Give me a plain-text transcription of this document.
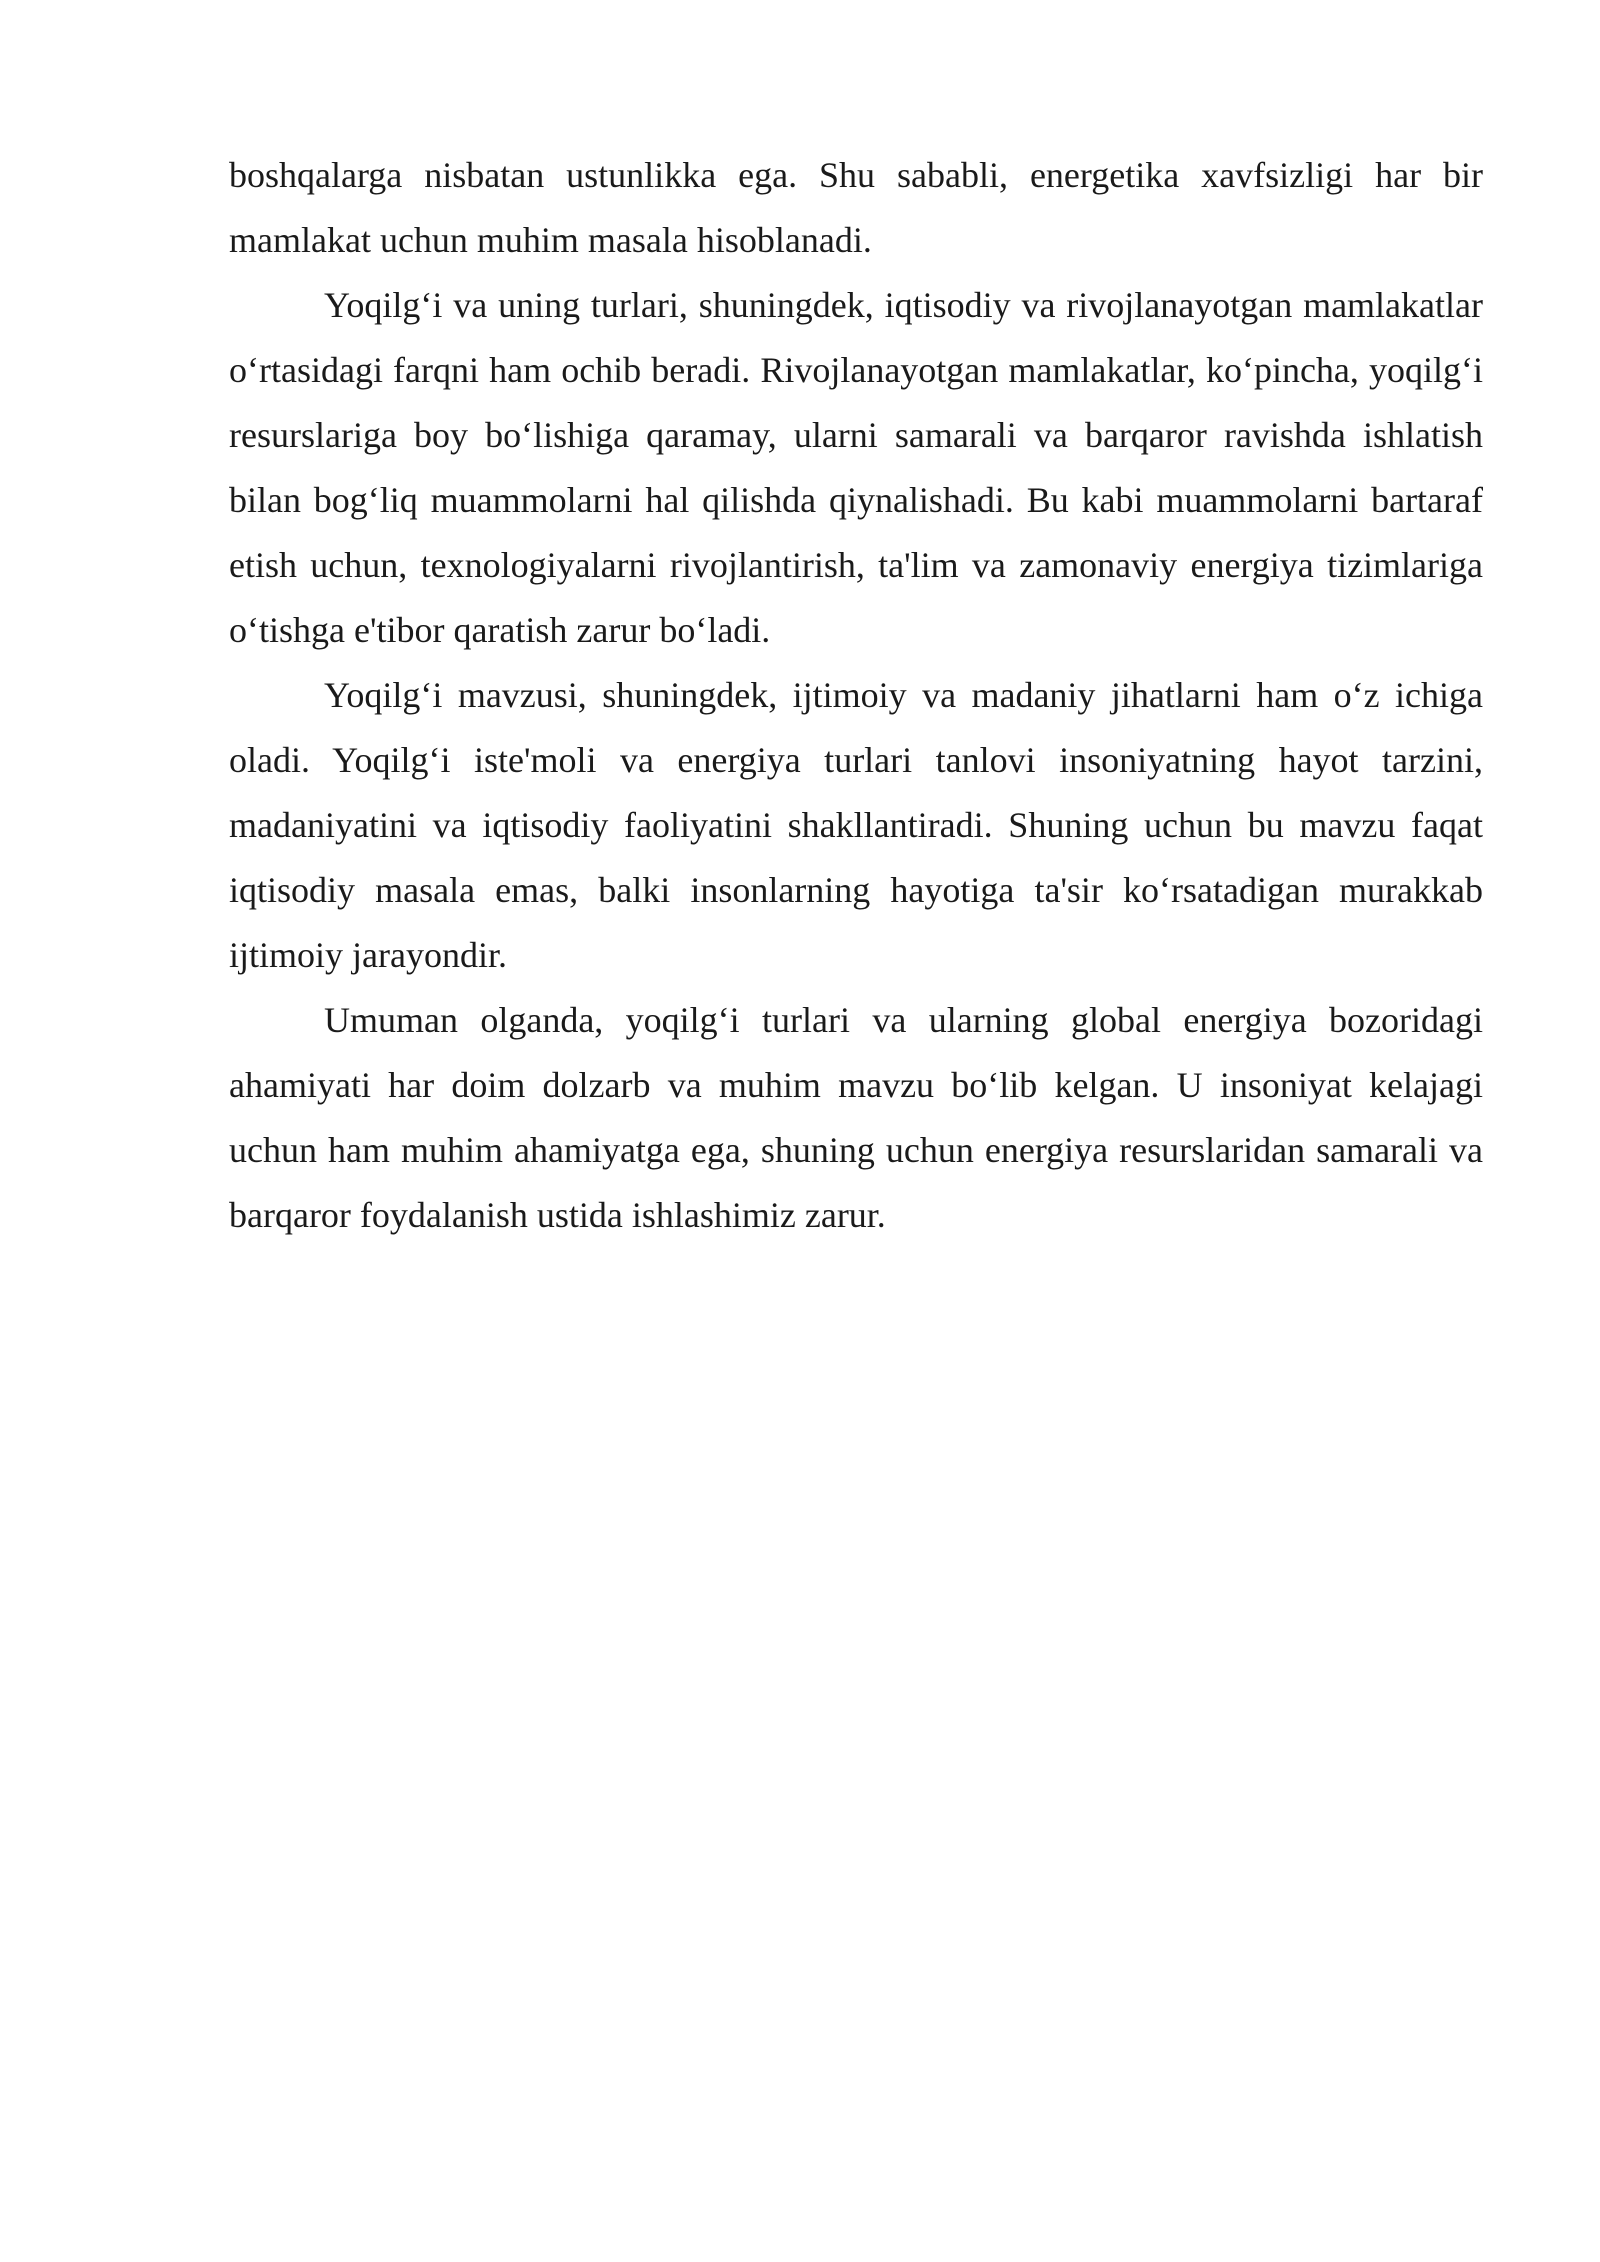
boshqalarga nisbatan ustunlikka ega. Shu sababli, energetika xavfsizligi har bir mamlakat uchun muhim masala hisoblanadi.

Yoqilg‘i va uning turlari, shuningdek, iqtisodiy va rivojlanayotgan mamlakatlar o‘rtasidagi farqni ham ochib beradi. Rivojlanayotgan mamlakatlar, ko‘pincha, yoqilg‘i resurslariga boy bo‘lishiga qaramay, ularni samarali va barqaror ravishda ishlatish bilan bog‘liq muammolarni hal qilishda qiynalishadi. Bu kabi muammolarni bartaraf etish uchun, texnologiyalarni rivojlantirish, ta'lim va zamonaviy energiya tizimlariga o‘tishga e'tibor qaratish zarur bo‘ladi.

Yoqilg‘i mavzusi, shuningdek, ijtimoiy va madaniy jihatlarni ham o‘z ichiga oladi. Yoqilg‘i iste'moli va energiya turlari tanlovi insoniyatning hayot tarzini, madaniyatini va iqtisodiy faoliyatini shakllantiradi. Shuning uchun bu mavzu faqat iqtisodiy masala emas, balki insonlarning hayotiga ta'sir ko‘rsatadigan murakkab ijtimoiy jarayondir.

Umuman olganda, yoqilg‘i turlari va ularning global energiya bozoridagi ahamiyati har doim dolzarb va muhim mavzu bo‘lib kelgan. U insoniyat kelajagi uchun ham muhim ahamiyatga ega, shuning uchun energiya resurslaridan samarali va barqaror foydalanish ustida ishlashimiz zarur.
